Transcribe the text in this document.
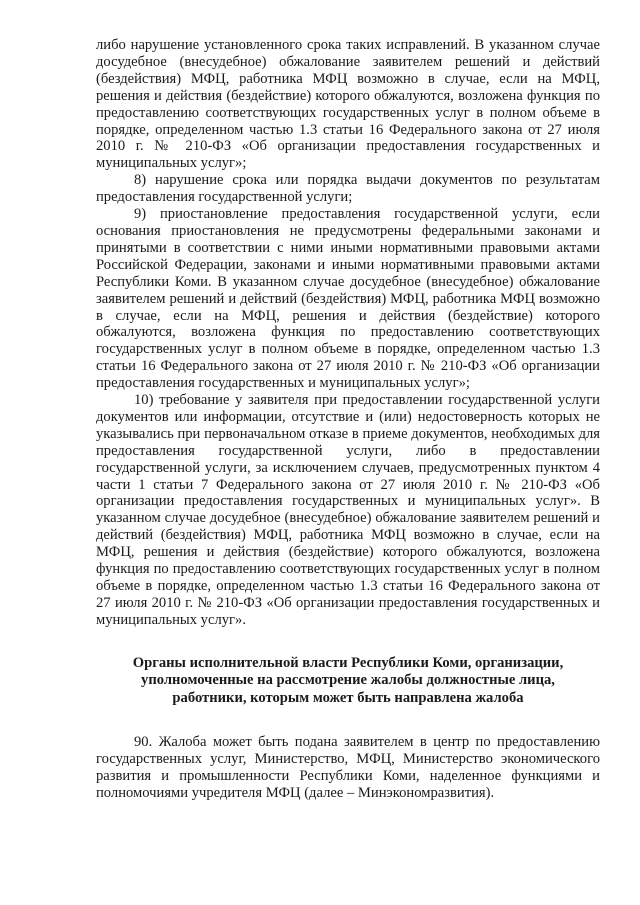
либо нарушение установленного срока таких исправлений. В указанном случае досудебное (внесудебное) обжалование заявителем решений и действий (бездействия) МФЦ, работника МФЦ возможно в случае, если на МФЦ, решения и действия (бездействие) которого обжалуются, возложена функция по предоставлению соответствующих государственных услуг в полном объеме в порядке, определенном частью 1.3 статьи 16 Федерального закона от 27 июля 2010 г. № 210-ФЗ «Об организации предоставления государственных и муниципальных услуг»;

8) нарушение срока или порядка выдачи документов по результатам предоставления государственной услуги;

9) приостановление предоставления государственной услуги, если основания приостановления не предусмотрены федеральными законами и принятыми в соответствии с ними иными нормативными правовыми актами Российской Федерации, законами и иными нормативными правовыми актами Республики Коми. В указанном случае досудебное (внесудебное) обжалование заявителем решений и действий (бездействия) МФЦ, работника МФЦ возможно в случае, если на МФЦ, решения и действия (бездействие) которого обжалуются, возложена функция по предоставлению соответствующих государственных услуг в полном объеме в порядке, определенном частью 1.3 статьи 16 Федерального закона от 27 июля 2010 г. № 210-ФЗ «Об организации предоставления государственных и муниципальных услуг»;

10) требование у заявителя при предоставлении государственной услуги документов или информации, отсутствие и (или) недостоверность которых не указывались при первоначальном отказе в приеме документов, необходимых для предоставления государственной услуги, либо в предоставлении государственной услуги, за исключением случаев, предусмотренных пунктом 4 части 1 статьи 7 Федерального закона от 27 июля 2010 г. № 210-ФЗ «Об организации предоставления государственных и муниципальных услуг». В указанном случае досудебное (внесудебное) обжалование заявителем решений и действий (бездействия) МФЦ, работника МФЦ возможно в случае, если на МФЦ, решения и действия (бездействие) которого обжалуются, возложена функция по предоставлению соответствующих государственных услуг в полном объеме в порядке, определенном частью 1.3 статьи 16 Федерального закона от 27 июля 2010 г. № 210-ФЗ «Об организации предоставления государственных и муниципальных услуг».

Органы исполнительной власти Республики Коми, организации,
уполномоченные на рассмотрение жалобы должностные лица,
работники, которым может быть направлена жалоба

90. Жалоба может быть подана заявителем в центр по предоставлению государственных услуг, Министерство, МФЦ, Министерство экономического развития и промышленности Республики Коми, наделенное функциями и полномочиями учредителя МФЦ (далее – Минэкономразвития).
